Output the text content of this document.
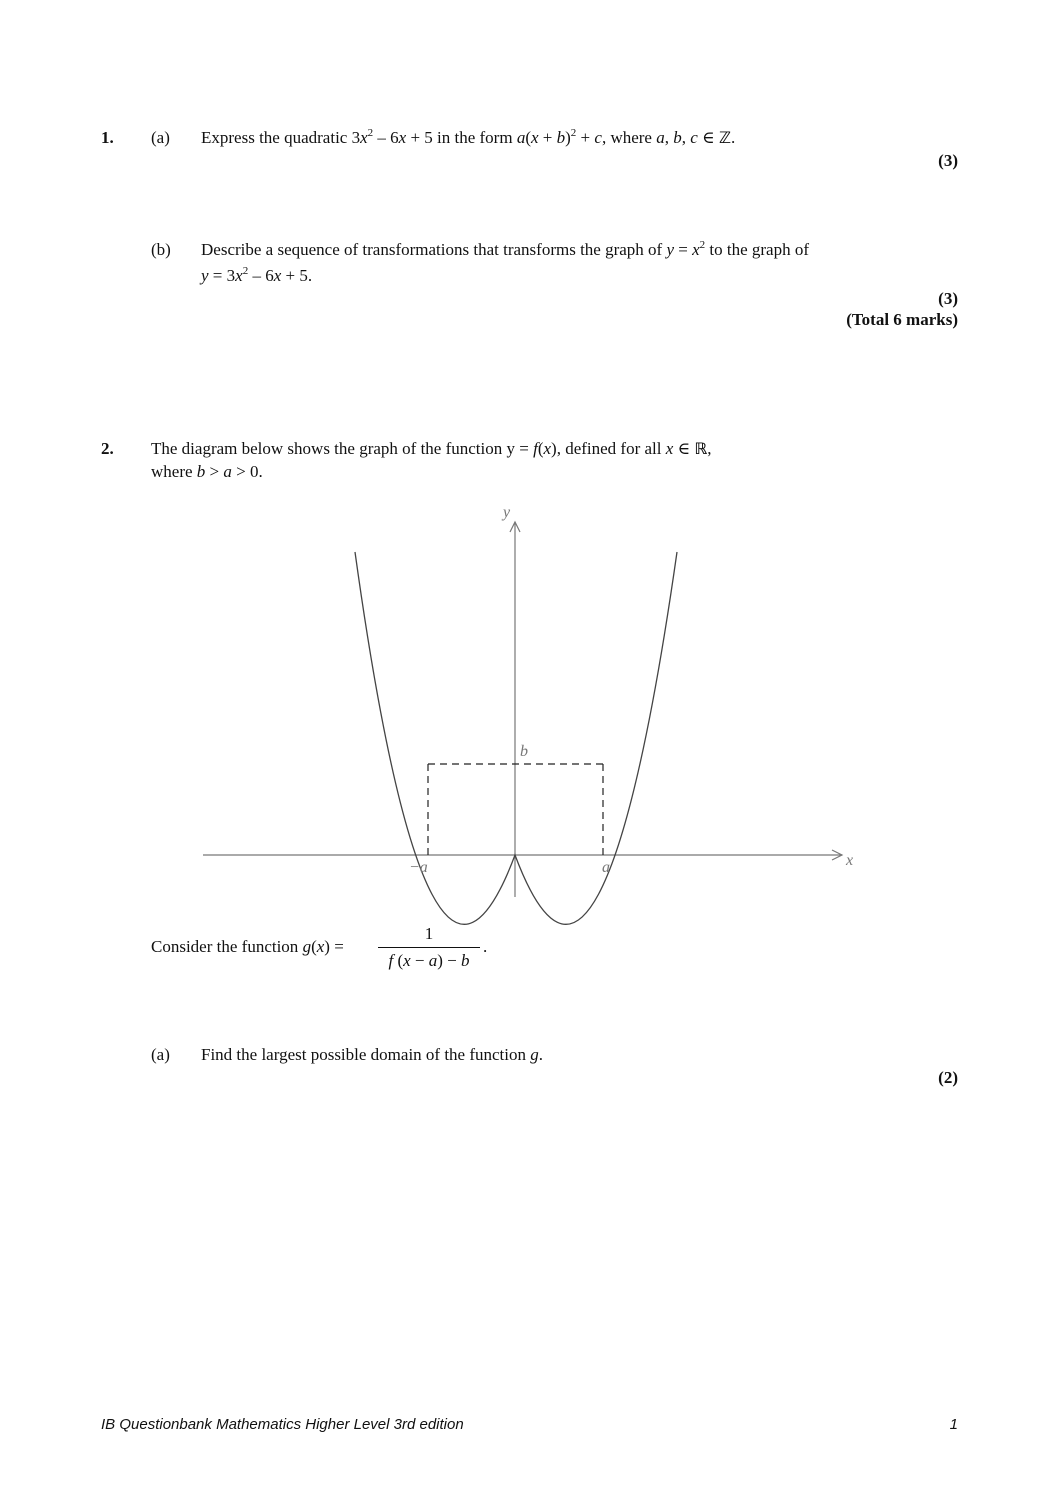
1. (a) Express the quadratic $3x^2 - 6x + 5$ in the form $a(x + b)^2 + c$, where a, b, c ∈ ℤ.
(3)
(b) Describe a sequence of transformations that transforms the graph of $y = x^2$ to the graph of
$y = 3x^2 - 6x + 5$.
(3)
(Total 6 marks)
2. The diagram below shows the graph of the function y = f(x), defined for all x ∈ ℝ,
where b > a > 0.
y
x
b
−a	a
Consider the function $g(x) = \frac{1}{f (x - a) - b}$ .
(a) Find the largest possible domain of the function g.
(2)
IB Questionbank Mathematics Higher Level 3rd edition	1
